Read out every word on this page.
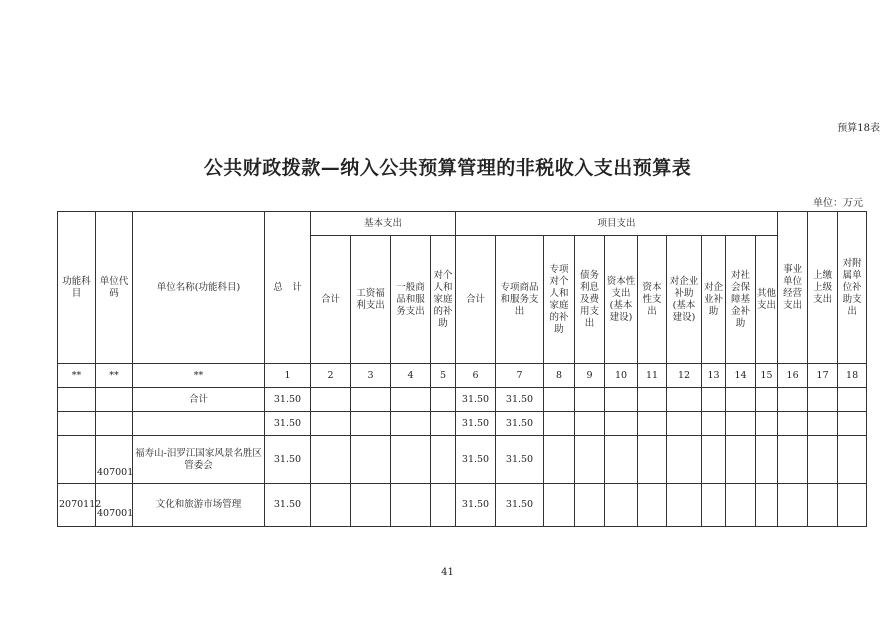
预算18表
公共财政拨款—纳入公共预算管理的非税收入支出预算表
单位：万元
功能科目	单位代码	单位名称(功能科目)	总　计	基本支出				项目支出										事业单位经营支出	上缴上级支出	对附属单位补助支出
				合计	工资福利支出	一般商品和服务支出	对个人和家庭的补助	合计	专项商品和服务支出	专项对个人和家庭的补助	债务利息及费用支出	资本性支出(基本建设)	资本性支出	对企业补助(基本建设)	对企业补助	对社会保障基金补助	其他支出			
**	**	**	1	2	3	4	5	6	7	8	9	10	11	12	13	14	15	16	17	18
		合计	31.50					31.50	31.50											
			31.50					31.50	31.50											
	407001	福寿山-汨罗江国家风景名胜区管委会	31.50					31.50	31.50											
2070112	407001	文化和旅游市场管理	31.50					31.50	31.50											
41
